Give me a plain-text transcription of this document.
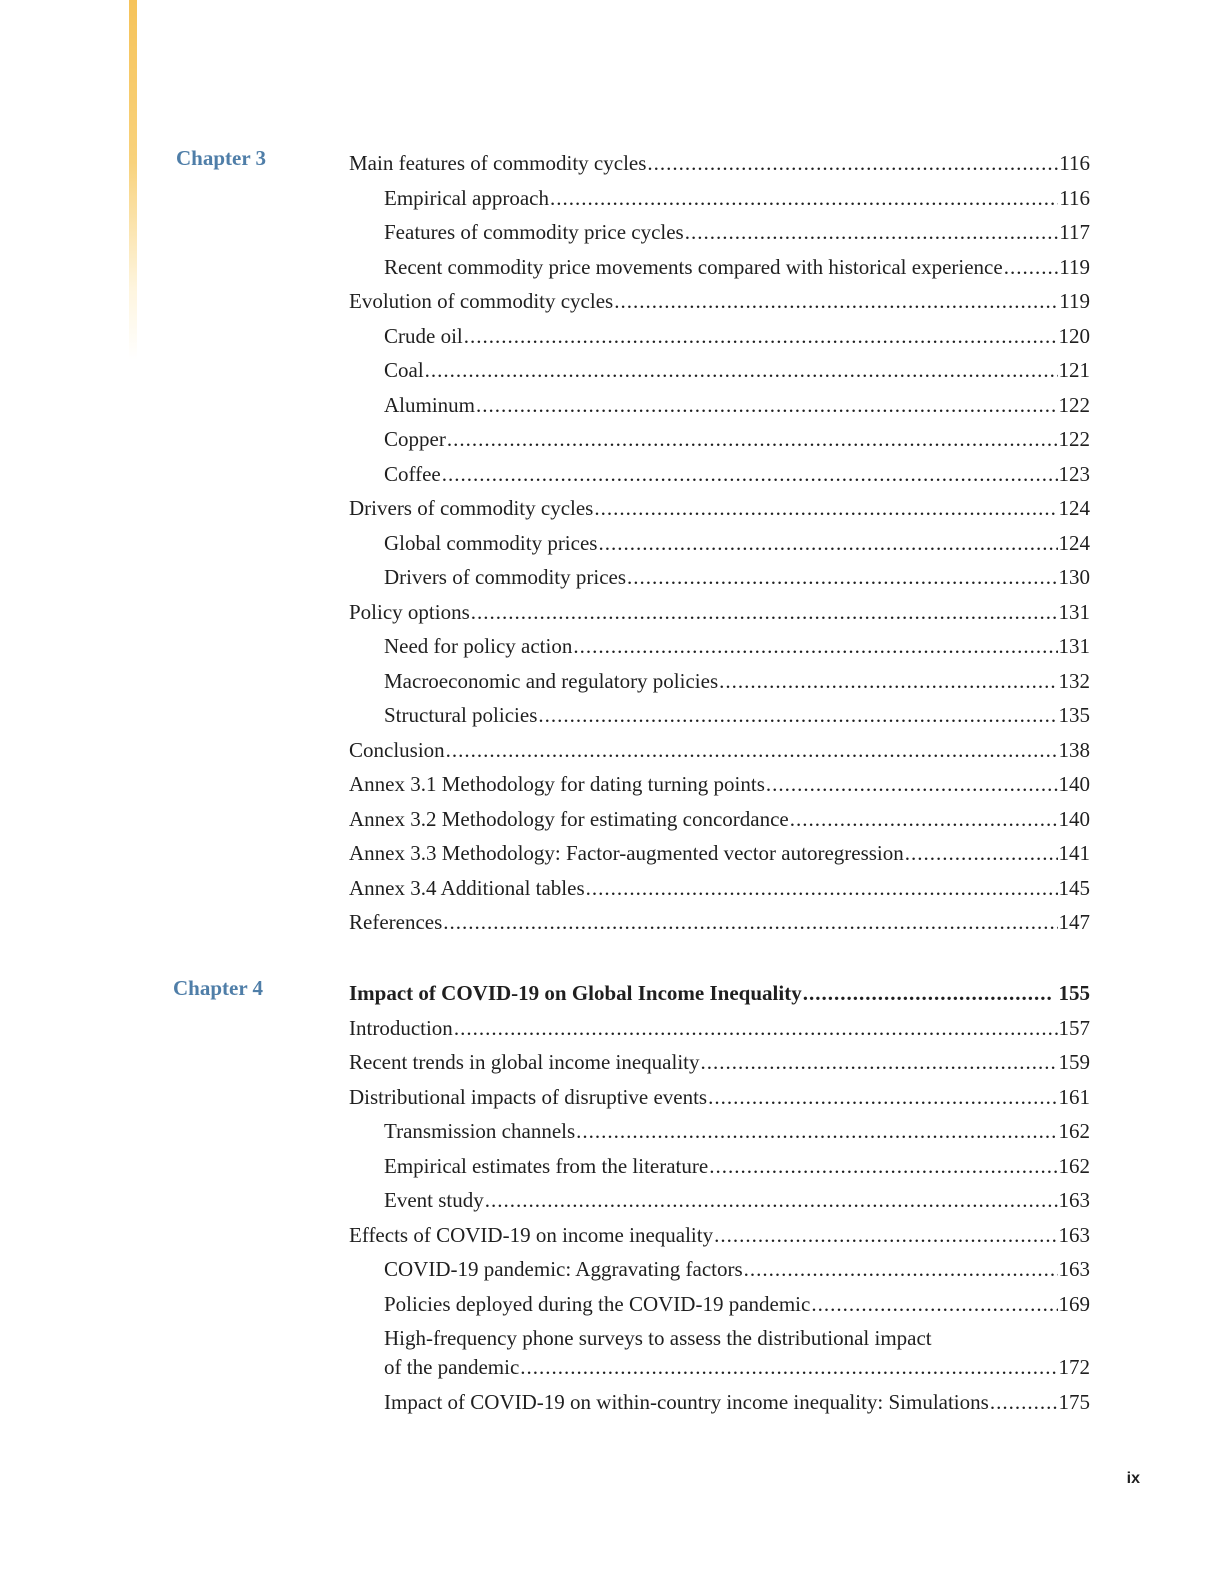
Chapter 3	Main features of commodity cycles .....	116
Empirical approach .....	116
Features of commodity price cycles .....	117
Recent commodity price movements compared with historical experience .....	119
Evolution of commodity cycles .....	119
Crude oil .....	120
Coal .....	121
Aluminum .....	122
Copper .....	122
Coffee .....	123
Drivers of commodity cycles .....	124
Global commodity prices .....	124
Drivers of commodity prices .....	130
Policy options .....	131
Need for policy action .....	131
Macroeconomic and regulatory policies .....	132
Structural policies .....	135
Conclusion .....	138
Annex 3.1 Methodology for dating turning points .....	140
Annex 3.2 Methodology for estimating concordance .....	140
Annex 3.3 Methodology: Factor-augmented vector autoregression .....	141
Annex 3.4 Additional tables .....	145
References .....	147
Chapter 4	Impact of COVID-19 on Global Income Inequality .....	155
Introduction .....	157
Recent trends in global income inequality .....	159
Distributional impacts of disruptive events .....	161
Transmission channels .....	162
Empirical estimates from the literature .....	162
Event study .....	163
Effects of COVID-19 on income inequality .....	163
COVID-19 pandemic: Aggravating factors .....	163
Policies deployed during the COVID-19 pandemic .....	169
High-frequency phone surveys to assess the distributional impact
of the pandemic .....	172
Impact of COVID-19 on within-country income inequality: Simulations .....	175
ix
